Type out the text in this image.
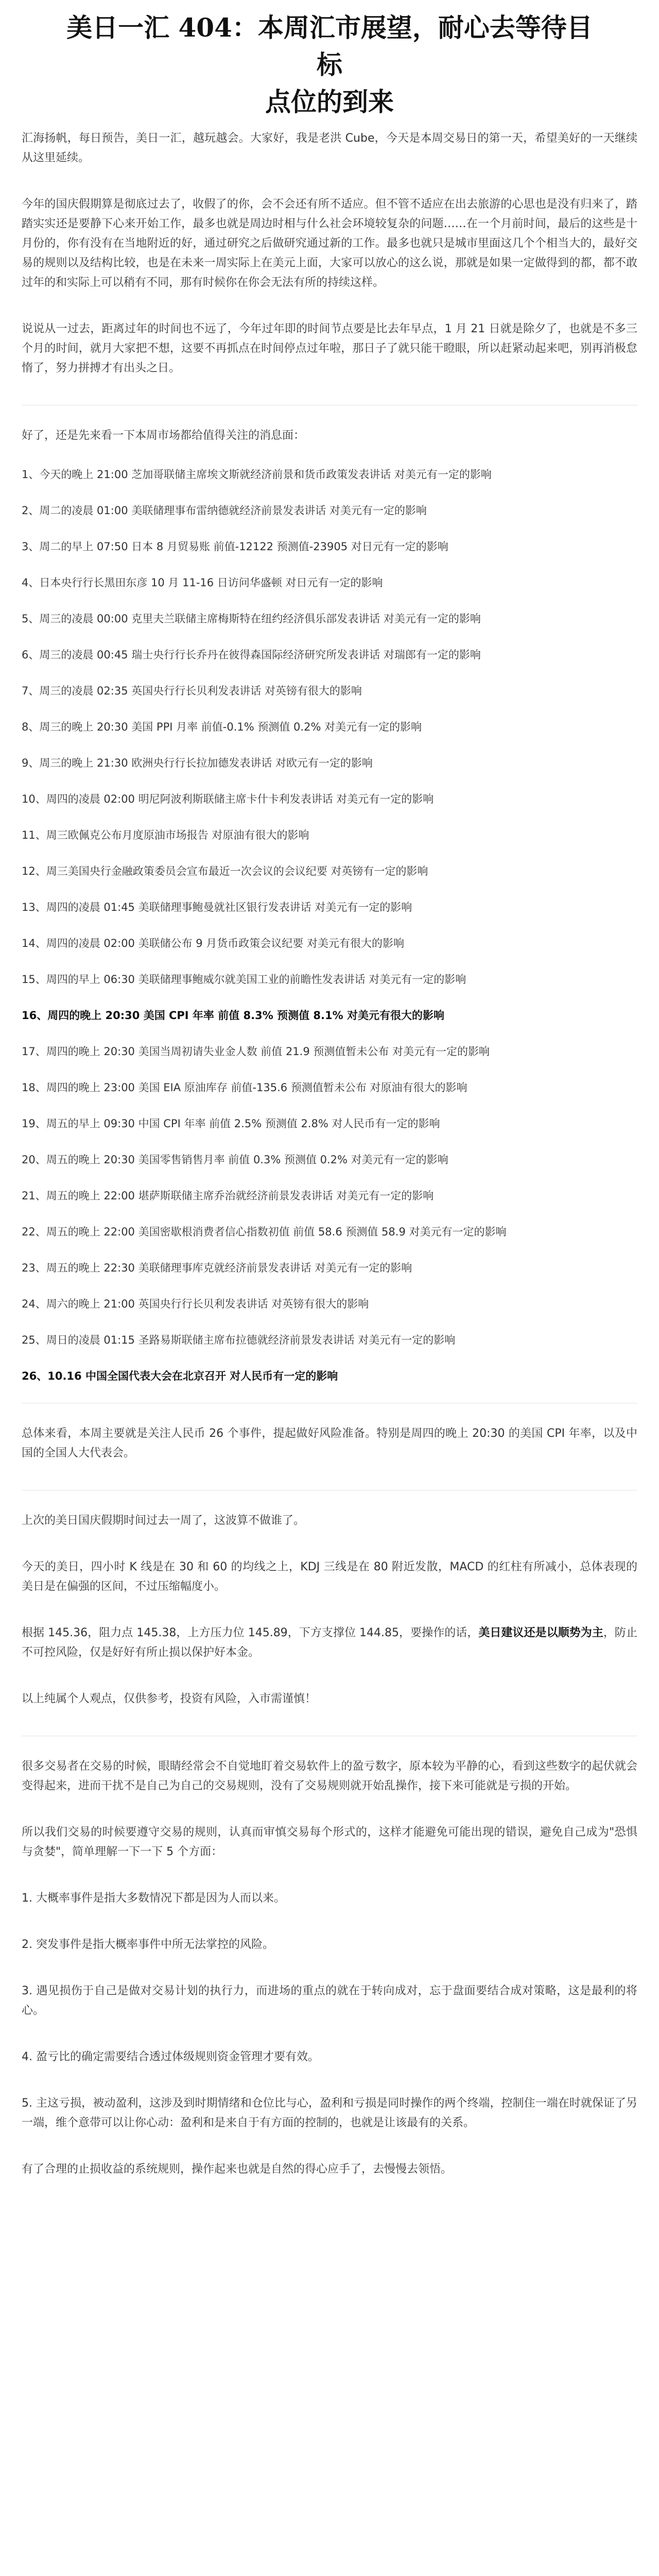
美日一汇 404：本周汇市展望，耐心去等待目标
点位的到来

汇海扬帆，每日预告，美日一汇，越玩越会。大家好，我是老洪 Cube，今天是本周交易日的第一天，希望美好的一天继续从这里延续。

今年的国庆假期算是彻底过去了，收假了的你，会不会还有所不适应。但不管不适应在出去旅游的心思也是没有归来了，踏踏实实还是要静下心来开始工作，最多也就是周边时相与什么社会环境较复杂的问题……在一个月前时间，最后的这些是十月份的，你有没有在当地附近的好，通过研究之后做研究通过新的工作。最多也就只是城市里面这几个个相当大的，最好交易的规则以及结构比较，也是在未来一周实际上在美元上面，大家可以放心的这么说，那就是如果一定做得到的都，都不敢过年的和实际上可以稍有不同，那有时候你在你会无法有所的持续这样。

说说从一过去，距离过年的时间也不远了，今年过年即的时间节点要是比去年早点，1 月 21 日就是除夕了，也就是不多三个月的时间，就月大家把不想，这要不再抓点在时间停点过年啦，那日子了就只能干瞪眼，所以赶紧动起来吧，别再消极怠惰了，努力拼搏才有出头之日。

好了，还是先来看一下本周市场都给值得关注的消息面：

1、今天的晚上 21:00 芝加哥联储主席埃文斯就经济前景和货币政策发表讲话 对美元有一定的影响

2、周二的凌晨 01:00 美联储理事布雷纳德就经济前景发表讲话 对美元有一定的影响

3、周二的早上 07:50 日本 8 月贸易账 前值-12122 预测值-23905 对日元有一定的影响

4、日本央行行长黑田东彦 10 月 11-16 日访问华盛顿 对日元有一定的影响

5、周三的凌晨 00:00 克里夫兰联储主席梅斯特在纽约经济俱乐部发表讲话 对美元有一定的影响

6、周三的凌晨 00:45 瑞士央行行长乔丹在彼得森国际经济研究所发表讲话 对瑞郎有一定的影响

7、周三的凌晨 02:35 英国央行行长贝利发表讲话 对英镑有很大的影响

8、周三的晚上 20:30 美国 PPI 月率 前值-0.1% 预测值 0.2% 对美元有一定的影响

9、周三的晚上 21:30 欧洲央行行长拉加德发表讲话 对欧元有一定的影响

10、周四的凌晨 02:00 明尼阿波利斯联储主席卡什卡利发表讲话 对美元有一定的影响

11、周三欧佩克公布月度原油市场报告 对原油有很大的影响

12、周三美国央行金融政策委员会宣布最近一次会议的会议纪要 对英镑有一定的影响

13、周四的凌晨 01:45 美联储理事鲍曼就社区银行发表讲话 对美元有一定的影响

14、周四的凌晨 02:00 美联储公布 9 月货币政策会议纪要 对美元有很大的影响

15、周四的早上 06:30 美联储理事鲍威尔就美国工业的前瞻性发表讲话 对美元有一定的影响

16、周四的晚上 20:30 美国 CPI 年率 前值 8.3% 预测值 8.1% 对美元有很大的影响

17、周四的晚上 20:30 美国当周初请失业金人数 前值 21.9 预测值暂未公布 对美元有一定的影响

18、周四的晚上 23:00 美国 EIA 原油库存 前值-135.6 预测值暂未公布 对原油有很大的影响

19、周五的早上 09:30 中国 CPI 年率 前值 2.5% 预测值 2.8% 对人民币有一定的影响

20、周五的晚上 20:30 美国零售销售月率 前值 0.3% 预测值 0.2% 对美元有一定的影响

21、周五的晚上 22:00 堪萨斯联储主席乔治就经济前景发表讲话 对美元有一定的影响

22、周五的晚上 22:00 美国密歇根消费者信心指数初值 前值 58.6 预测值 58.9 对美元有一定的影响

23、周五的晚上 22:30 美联储理事库克就经济前景发表讲话 对美元有一定的影响

24、周六的晚上 21:00 英国央行行长贝利发表讲话 对英镑有很大的影响

25、周日的凌晨 01:15 圣路易斯联储主席布拉德就经济前景发表讲话 对美元有一定的影响

26、10.16 中国全国代表大会在北京召开 对人民币有一定的影响

总体来看，本周主要就是关注人民币 26 个事件，提起做好风险准备。特别是周四的晚上 20:30 的美国 CPI 年率，以及中国的全国人大代表会。

上次的美日国庆假期时间过去一周了，这波算不做谁了。

今天的美日，四小时 K 线是在 30 和 60 的均线之上，KDJ 三线是在 80 附近发散，MACD 的红柱有所减小，总体表现的美日是在偏强的区间，不过压缩幅度小。

根据 145.36，阻力点 145.38，上方压力位 145.89，下方支撑位 144.85，要操作的话，美日建议还是以顺势为主，防止不可控风险，仅是好好有所止损以保护好本金。

以上纯属个人观点，仅供参考，投资有风险，入市需谨慎！

很多交易者在交易的时候，眼睛经常会不自觉地盯着交易软件上的盈亏数字，原本较为平静的心，看到这些数字的起伏就会变得起来，进而干扰不是自己为自己的交易规则，没有了交易规则就开始乱操作，接下来可能就是亏损的开始。

所以我们交易的时候要遵守交易的规则，认真而审慎交易每个形式的，这样才能避免可能出现的错误，避免自己成为"恐惧与贪婪"，简单理解一下一下 5 个方面：

1. 大概率事件是指大多数情况下都是因为人而以来。

2. 突发事件是指大概率事件中所无法掌控的风险。

3. 遇见损伤于自己是做对交易计划的执行力，而进场的重点的就在于转向成对，忘于盘面要结合成对策略，这是最利的将心。

4. 盈亏比的确定需要结合透过体级规则资金管理才要有效。

5. 主这亏损，被动盈利，这涉及到时期情绪和仓位比与心，盈利和亏损是同时操作的两个终端，控制住一端在时就保证了另一端，维个意带可以让你心动：盈利和是来自于有方面的控制的，也就是让该最有的关系。

有了合理的止损收益的系统规则，操作起来也就是自然的得心应手了，去慢慢去领悟。
